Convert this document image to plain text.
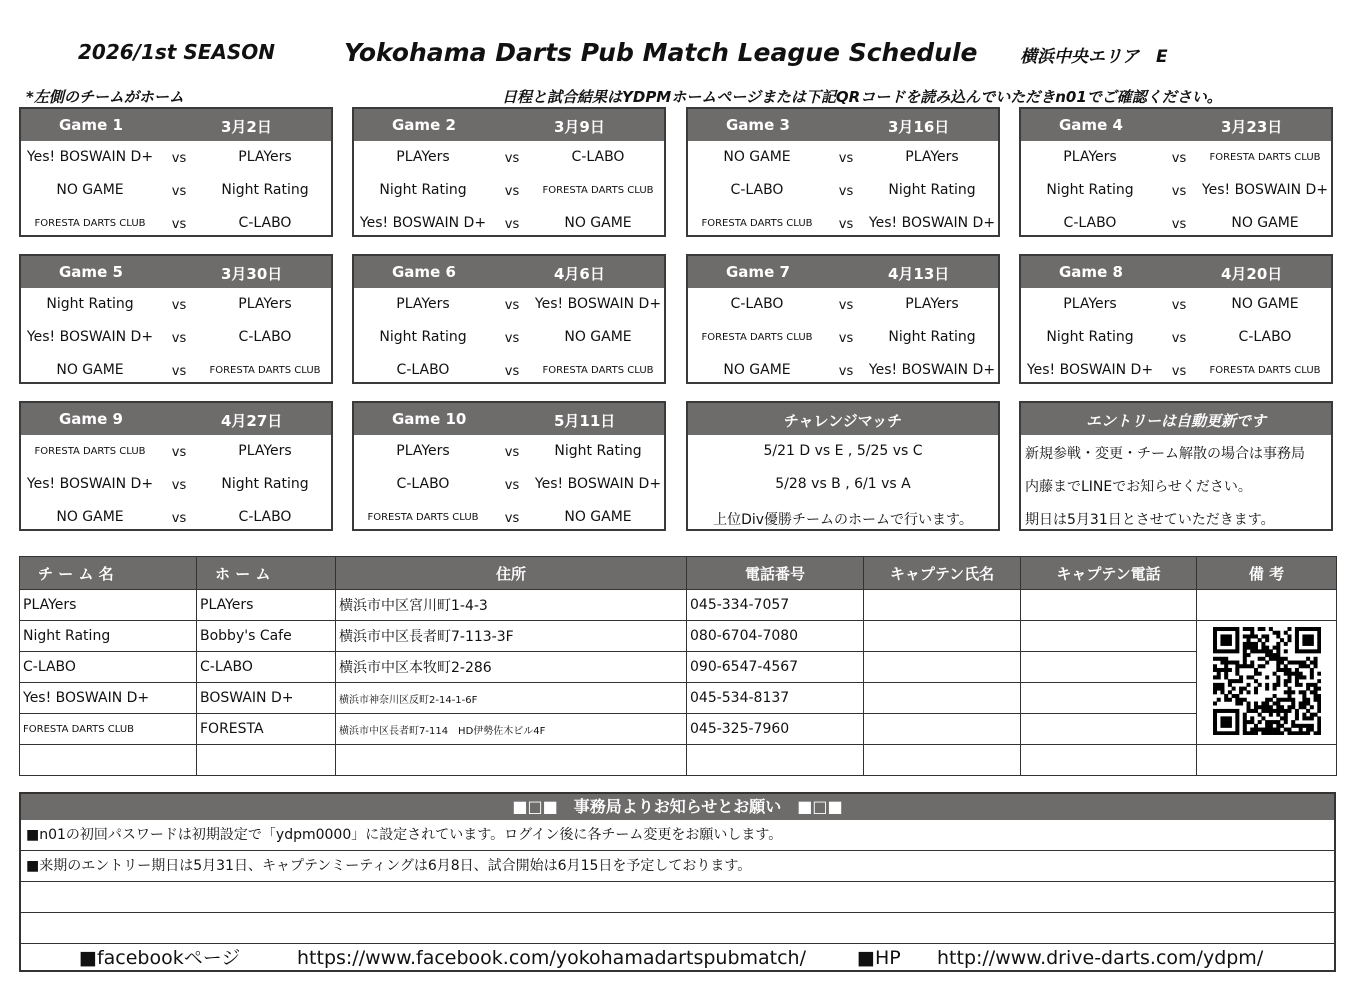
2026/1st SEASON	Yokohama Darts Pub Match League Schedule	横浜中央エリア　E
*左側のチームがホーム	日程と試合結果はYDPMホームページまたは下記QRコードを読み込んでいただきn01でご確認ください。
Game 1	3月2日
Yes! BOSWAIN D+	vs	PLAYers
NO GAME	vs	Night Rating
FORESTA DARTS CLUB	vs	C-LABO
Game 2	3月9日
PLAYers	vs	C-LABO
Night Rating	vs	FORESTA DARTS CLUB
Yes! BOSWAIN D+	vs	NO GAME
Game 3	3月16日
NO GAME	vs	PLAYers
C-LABO	vs	Night Rating
FORESTA DARTS CLUB	vs	Yes! BOSWAIN D+
Game 4	3月23日
PLAYers	vs	FORESTA DARTS CLUB
Night Rating	vs	Yes! BOSWAIN D+
C-LABO	vs	NO GAME
Game 5	3月30日
Night Rating	vs	PLAYers
Yes! BOSWAIN D+	vs	C-LABO
NO GAME	vs	FORESTA DARTS CLUB
Game 6	4月6日
PLAYers	vs	Yes! BOSWAIN D+
Night Rating	vs	NO GAME
C-LABO	vs	FORESTA DARTS CLUB
Game 7	4月13日
C-LABO	vs	PLAYers
FORESTA DARTS CLUB	vs	Night Rating
NO GAME	vs	Yes! BOSWAIN D+
Game 8	4月20日
PLAYers	vs	NO GAME
Night Rating	vs	C-LABO
Yes! BOSWAIN D+	vs	FORESTA DARTS CLUB
Game 9	4月27日
FORESTA DARTS CLUB	vs	PLAYers
Yes! BOSWAIN D+	vs	Night Rating
NO GAME	vs	C-LABO
Game 10	5月11日
PLAYers	vs	Night Rating
C-LABO	vs	Yes! BOSWAIN D+
FORESTA DARTS CLUB	vs	NO GAME
チャレンジマッチ
5/21 D vs E , 5/25 vs C
5/28 vs B , 6/1 vs A
上位Div優勝チームのホームで行います。
エントリーは自動更新です
新規参戦・変更・チーム解散の場合は事務局
内藤までLINEでお知らせください。
期日は5月31日とさせていただきます。
チ ー ム 名	ホ ー ム	住所	電話番号	キャプテン氏名	キャプテン電話	備 考
PLAYers	PLAYers	横浜市中区宮川町1-4-3	045-334-7057			
Night Rating	Bobby's Cafe	横浜市中区長者町7-113-3F	080-6704-7080			
C-LABO	C-LABO	横浜市中区本牧町2-286	090-6547-4567			
Yes! BOSWAIN D+	BOSWAIN D+	横浜市神奈川区反町2-14-1-6F	045-534-8137			
FORESTA DARTS CLUB	FORESTA	横浜市中区長者町7-114　HD伊勢佐木ビル4F	045-325-7960			

■□■　事務局よりお知らせとお願い　■□■
■n01の初回パスワードは初期設定で「ydpm0000」に設定されています。ログイン後に各チーム変更をお願いします。
■来期のエントリー期日は5月31日、キャプテンミーティングは6月8日、試合開始は6月15日を予定しております。
■facebookページ	https://www.facebook.com/yokohamadartspubmatch/	■HP http://www.drive-darts.com/ydpm/
